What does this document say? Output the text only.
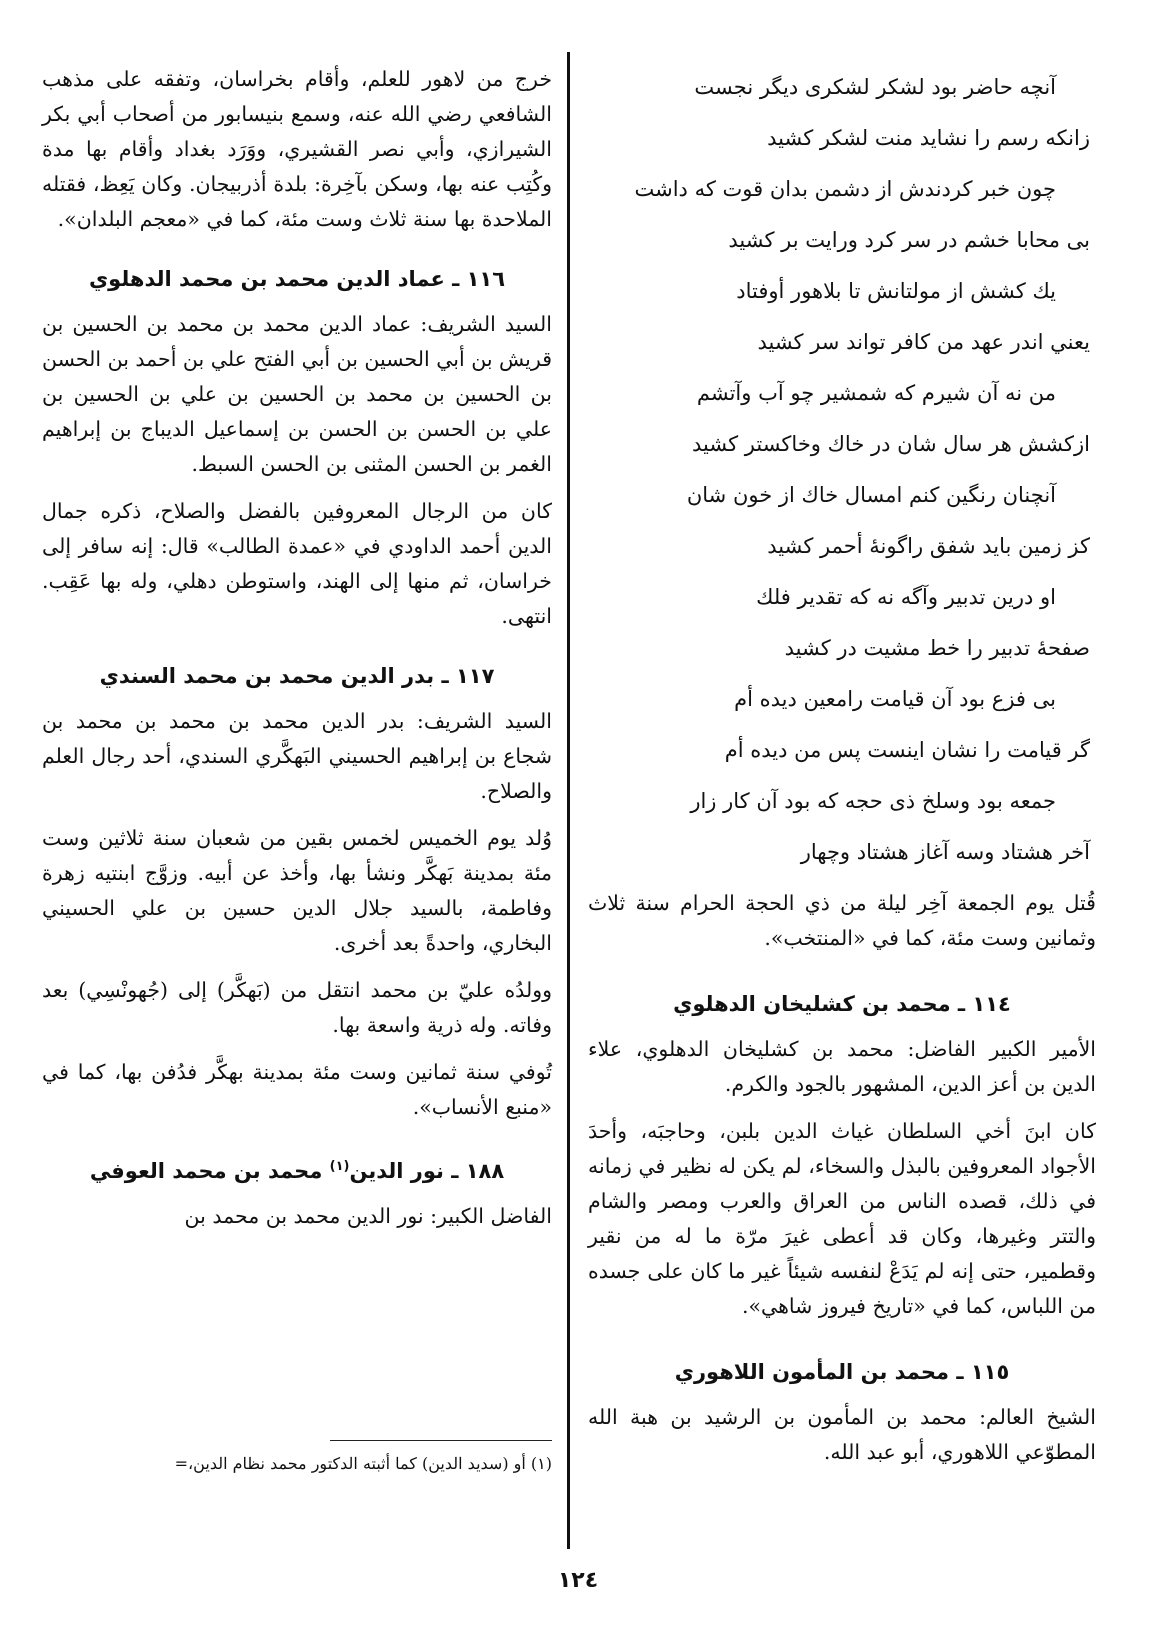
آنچه حاضر بود لشکر لشکری دیگر نجست

زانکه رسم را نشاید منت لشکر کشید

چون خبر کردندش از دشمن بدان قوت که داشت

بی محابا خشم در سر کرد ورایت بر کشید

یك کشش از مولتانش تا بلاهور أوفتاد

یعني اندر عهد من کافر تواند سر کشید

من نه آن شیرم که شمشیر چو آب وآتشم

ازکشش هر سال شان در خاك وخاکستر کشید

آنچنان رنگین کنم امسال خاك از خون شان

کز زمین باید شفق راگونهٔ أحمر کشید

او درین تدبیر وآگه نه که تقدیر فلك

صفحهٔ تدبیر را خط مشیت در کشید

بی فزع بود آن قیامت رامعین دیده أم

گر قیامت را نشان اینست پس من دیده أم

جمعه بود وسلخ ذی حجه که بود آن کار زار

آخر هشتاد وسه آغاز هشتاد وچهار

قُتل يوم الجمعة آخِر ليلة من ذي الحجة الحرام سنة ثلاث وثمانين وست مئة، كما في «المنتخب».

١١٤ ـ محمد بن كشليخان الدهلوي

الأمير الكبير الفاضل: محمد بن كشليخان الدهلوي، علاء الدين بن أعز الدين، المشهور بالجود والكرم.

كان ابنَ أخي السلطان غياث الدين بلبن، وحاجبَه، وأحدَ الأجواد المعروفين بالبذل والسخاء، لم يكن له نظير في زمانه في ذلك، قصده الناس من العراق والعرب ومصر والشام والتتر وغيرها، وكان قد أعطى غيرَ مرّة ما له من نقير وقطمير، حتى إنه لم يَدَعْ لنفسه شيئاً غير ما كان على جسده من اللباس، كما في «تاريخ فيروز شاهي».

١١٥ ـ محمد بن المأمون اللاهوري

الشيخ العالم: محمد بن المأمون بن الرشيد بن هبة الله المطوّعي اللاهوري، أبو عبد الله.

خرج من لاهور للعلم، وأقام بخراسان، وتفقه على مذهب الشافعي رضي الله عنه، وسمع بنيسابور من أصحاب أبي بكر الشيرازي، وأبي نصر القشيري، ووَرَد بغداد وأقام بها مدة وكُتِب عنه بها، وسكن بآخِرة: بلدة أذربيجان. وكان يَعِظ، فقتله الملاحدة بها سنة ثلاث وست مئة، كما في «معجم البلدان».

١١٦ ـ عماد الدين محمد بن محمد الدهلوي

السيد الشريف: عماد الدين محمد بن محمد بن الحسين بن قريش بن أبي الحسين بن أبي الفتح علي بن أحمد بن الحسن بن الحسين بن محمد بن الحسين بن علي بن الحسين بن علي بن الحسن بن الحسن بن إسماعيل الديباج بن إبراهيم الغمر بن الحسن المثنى بن الحسن السبط.

كان من الرجال المعروفين بالفضل والصلاح، ذكره جمال الدين أحمد الداودي في «عمدة الطالب» قال: إنه سافر إلى خراسان، ثم منها إلى الهند، واستوطن دهلي، وله بها عَقِب. انتهى.

١١٧ ـ بدر الدين محمد بن محمد السندي

السيد الشريف: بدر الدين محمد بن محمد بن محمد بن شجاع بن إبراهيم الحسيني البَهكَّري السندي، أحد رجال العلم والصلاح.

وُلد يوم الخميس لخمس بقين من شعبان سنة ثلاثين وست مئة بمدينة بَهكَّر ونشأ بها، وأخذ عن أبيه. وزوَّج ابنتيه زهرة وفاطمة، بالسيد جلال الدين حسين بن علي الحسيني البخاري، واحدةً بعد أخرى.

وولدُه عليّ بن محمد انتقل من (بَهكَّر) إلى (جُهونْسِي) بعد وفاته. وله ذرية واسعة بها.

تُوفي سنة ثمانين وست مئة بمدينة بهكَّر فدُفن بها، كما في «منبع الأنساب».

١٨٨ ـ نور الدين$^{(١)}$ محمد بن محمد العوفي

الفاضل الكبير: نور الدين محمد بن محمد بن

(١) أو (سديد الدين) كما أثبته الدكتور محمد نظام الدين،=
١٢٤
